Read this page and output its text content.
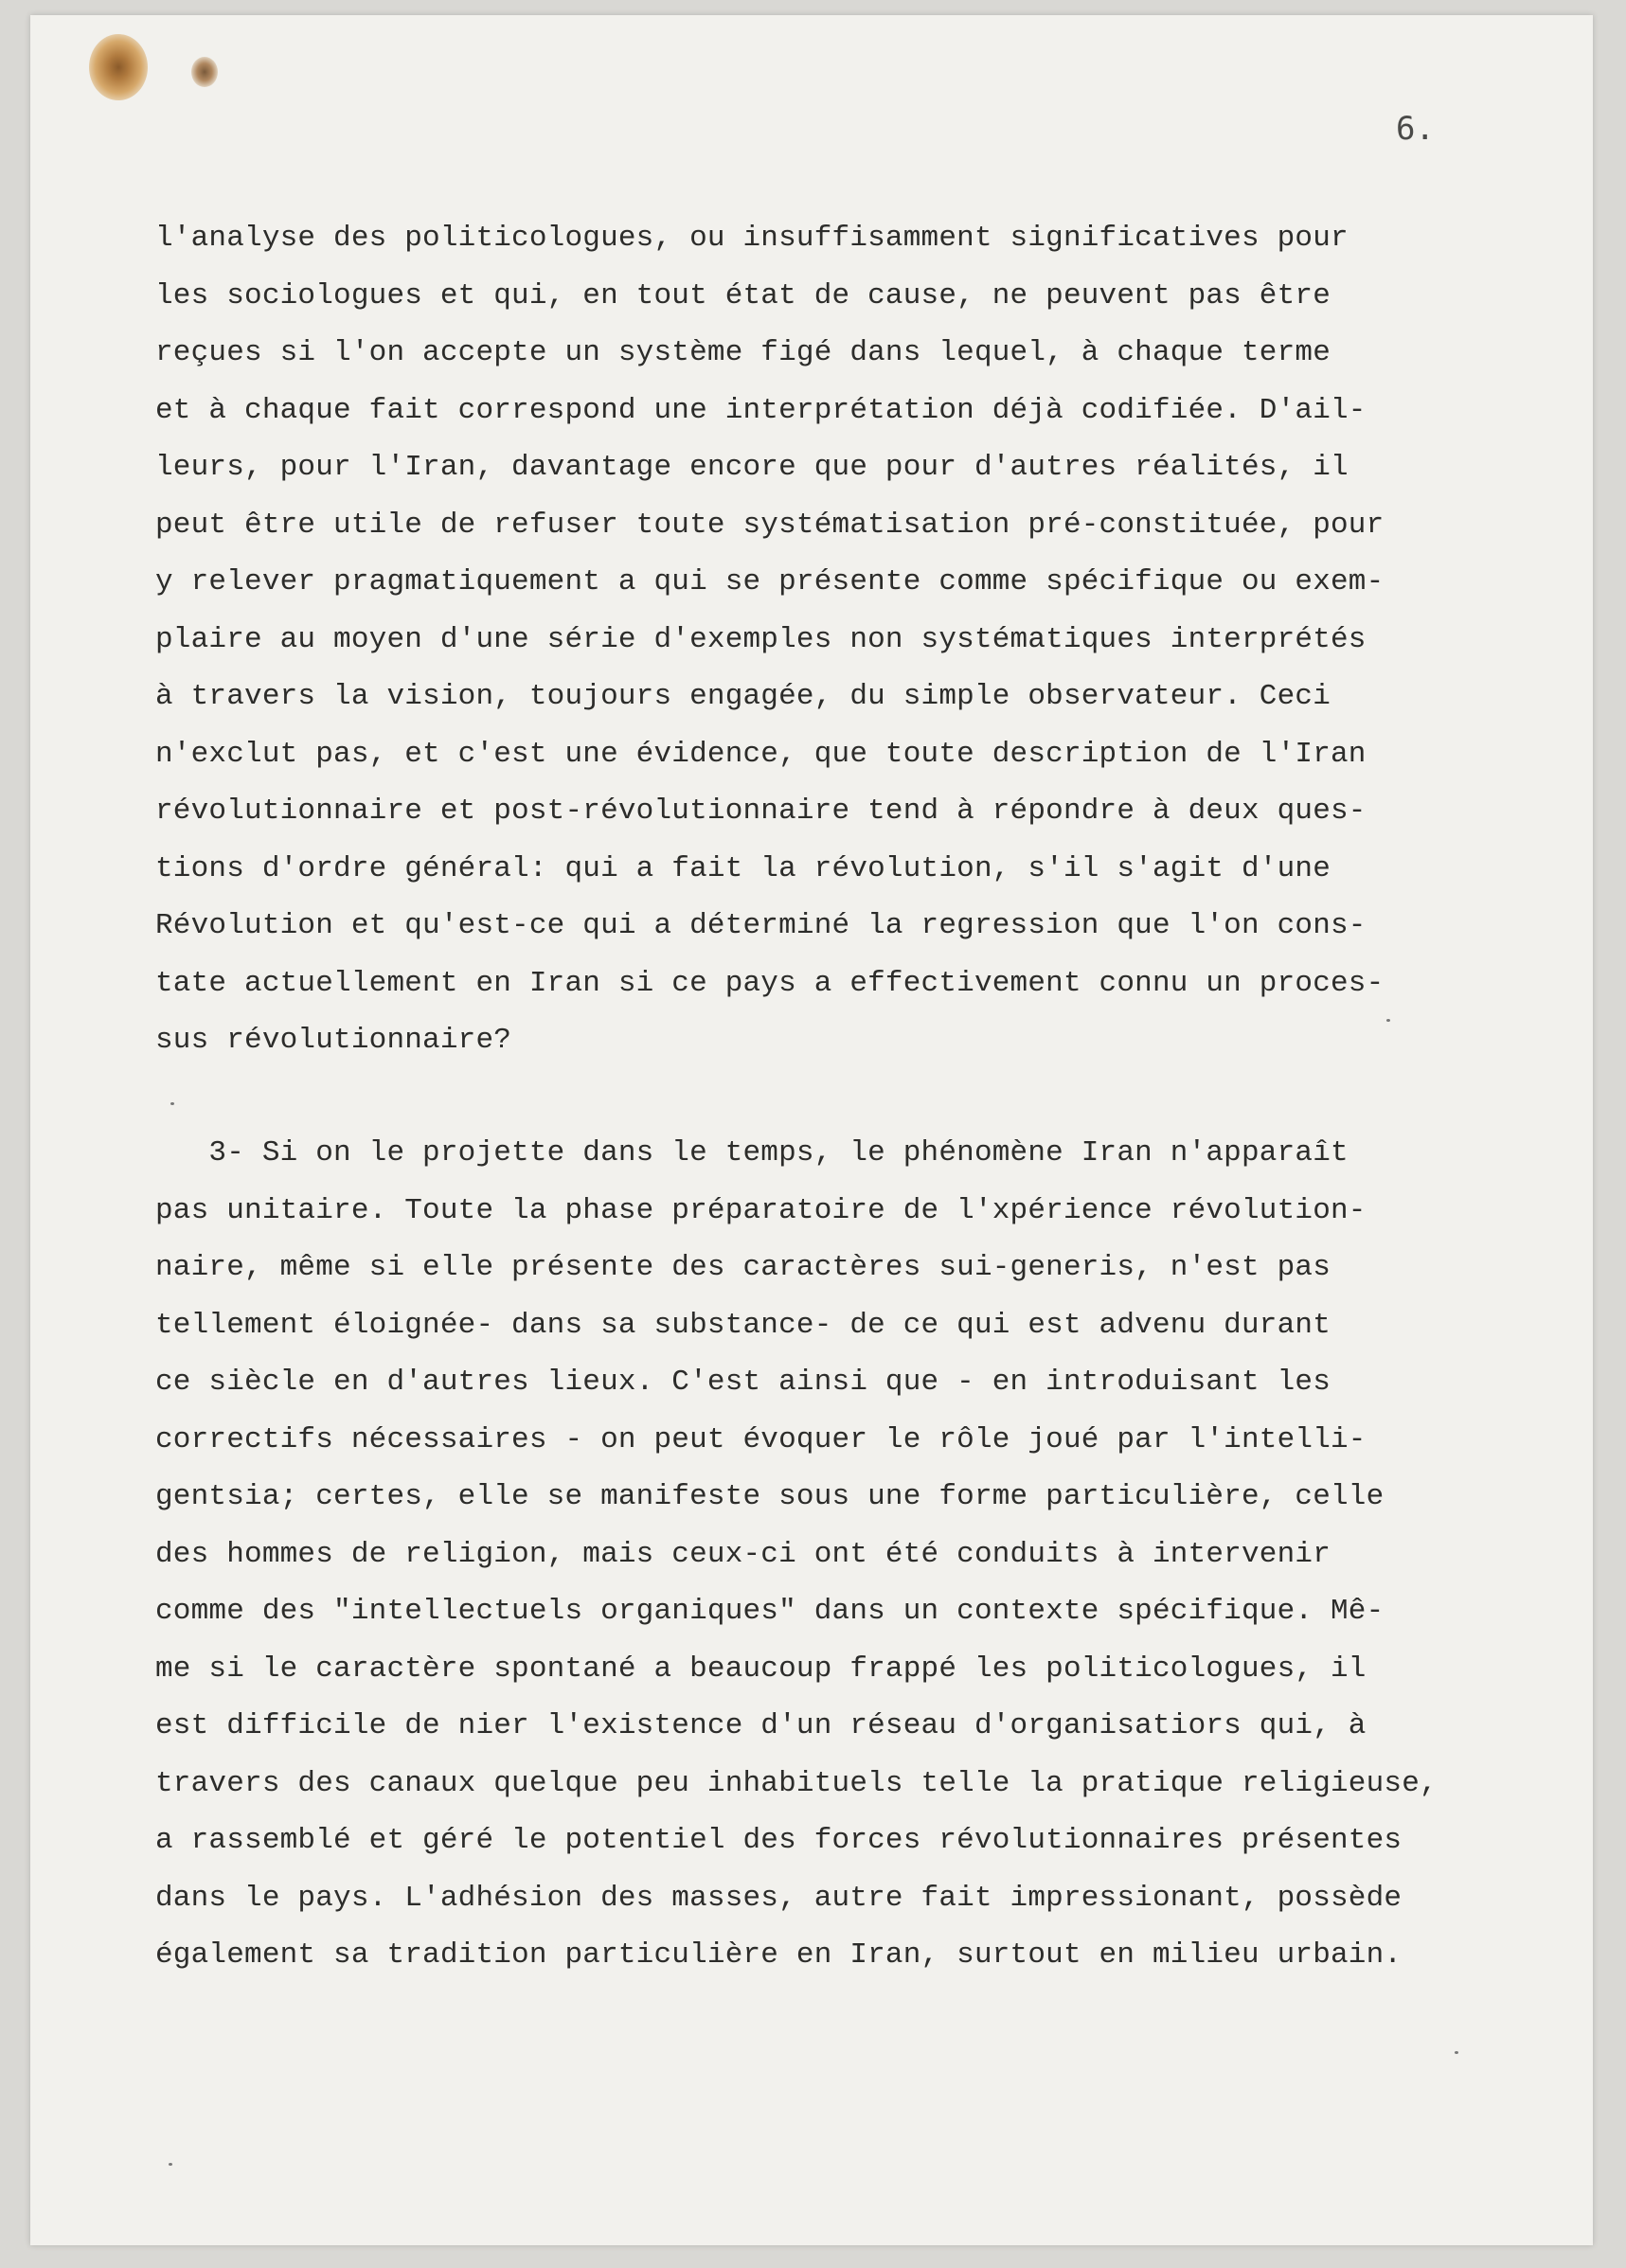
6.
l'analyse des politicologues, ou insuffisamment significatives pour
les sociologues et qui, en tout état de cause, ne peuvent pas être
reçues si l'on accepte un système figé dans lequel, à chaque terme
et à chaque fait correspond une interprétation déjà codifiée. D'ail-
leurs, pour l'Iran, davantage encore que pour d'autres réalités, il
peut être utile de refuser toute systématisation pré-constituée, pour
y relever pragmatiquement a qui se présente comme spécifique ou exem-
plaire au moyen d'une série d'exemples non systématiques interprétés
à travers la vision, toujours engagée, du simple observateur. Ceci
n'exclut pas, et c'est une évidence, que toute description de l'Iran
révolutionnaire et post-révolutionnaire tend à répondre à deux ques-
tions d'ordre général: qui a fait la révolution, s'il s'agit d'une
Révolution et qu'est-ce qui a déterminé la regression que l'on cons-
tate actuellement en Iran si ce pays a effectivement connu un proces-
sus révolutionnaire?
3- Si on le projette dans le temps, le phénomène Iran n'apparaît
pas unitaire. Toute la phase préparatoire de l'xpérience révolution-
naire, même si elle présente des caractères sui-generis, n'est pas
tellement éloignée- dans sa substance- de ce qui est advenu durant
ce siècle en d'autres lieux. C'est ainsi que - en introduisant les
correctifs nécessaires - on peut évoquer le rôle joué par l'intelli-
gentsia; certes, elle se manifeste sous une forme particulière, celle
des hommes de religion, mais ceux-ci ont été conduits à intervenir
comme des "intellectuels organiques" dans un contexte spécifique. Mê-
me si le caractère spontané a beaucoup frappé les politicologues, il
est difficile de nier l'existence d'un réseau d'organisatiors qui, à
travers des canaux quelque peu inhabituels telle la pratique religieuse,
a rassemblé et géré le potentiel des forces révolutionnaires présentes
dans le pays. L'adhésion des masses, autre fait impressionant, possède
également sa tradition particulière en Iran, surtout en milieu urbain.
